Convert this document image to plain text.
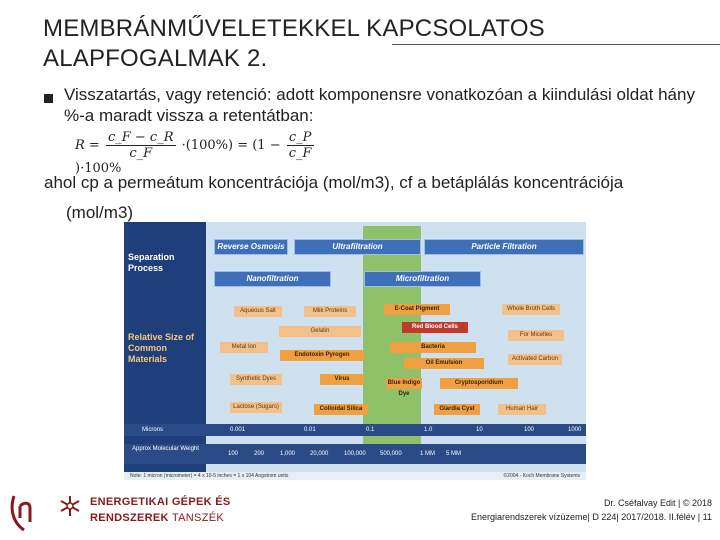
MEMBRÁNMŰVELETEKKEL KAPCSOLATOS
ALAPFOGALMAK 2.
Visszatartás, vagy retenció: adott komponensre vonatkozóan a kiindulási oldat hány %-a maradt vissza a retentátban:
$R = \frac{c\_F - c\_R}{c\_F} \cdot(100\%) = (1 - \frac{c\_P}{c\_F}$
)·100%
ahol cp a permeátum koncentrációja (mol/m3), cf a betáplálás koncentrációja
(mol/m3)
Separation Process
Relative Size of Common Materials
Reverse Osmosis	Ultrafiltration	Particle Filtration
Nanofiltration	Microfiltration
Aqueous Salt	Milk Proteins	E-Coat Pigment	Whole Broth Cells
Red Blood Cells
Gelatin
For Micelles
Metal Ion	Bacteria
Endotoxin Pyrogen
Activated Carbon
Synthetic Dyes
Oil Emulsion
Virus
Blue Indigo Dye
Cryptosporidium
Lactose (Sugars)	Colloidal Silica	Giardia Cyst	Human Hair
Microns	0.001	0.01	0.1	1.0	10	100	1000
Approx Molecular Weight
100	200	1,000 20,000	100,000 500,000	1 MM 5 MM
Note: 1 micron (micrometer) = 4 x 10-5 inches = 1 x 104 Angstrom units	©2004 - Koch Membrane Systems
ENERGETIKAI GÉPEK ÉS
RENDSZEREK TANSZÉK
Dr. Cséfalvay Edit | © 2018
Energiarendszerek vízüzeme| D 224| 2017/2018. II.félév | 11
